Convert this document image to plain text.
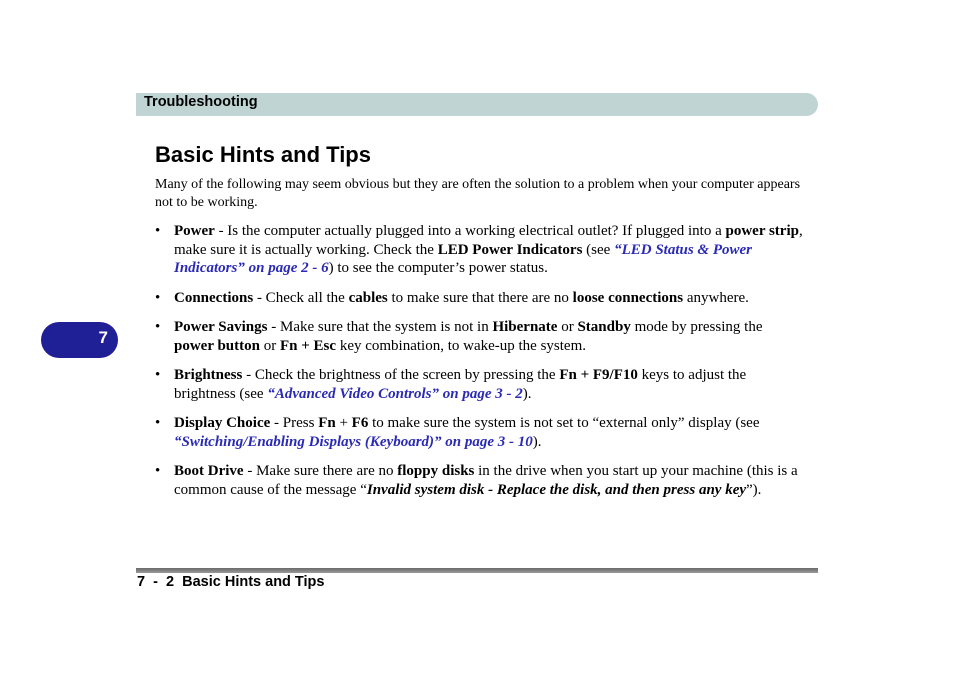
Troubleshooting
7
Basic Hints and Tips

Many of the following may seem obvious but they are often the solution to a problem when your computer appears not to be working.

• Power - Is the computer actually plugged into a working electrical outlet? If plugged into a power strip, make sure it is actually working. Check the LED Power Indicators (see “LED Status & Power Indicators” on page 2 - 6) to see the computer’s power status.
• Connections - Check all the cables to make sure that there are no loose connections anywhere.
• Power Savings - Make sure that the system is not in Hibernate or Standby mode by pressing the power button or Fn + Esc key combination, to wake-up the system.
• Brightness - Check the brightness of the screen by pressing the Fn + F9/F10 keys to adjust the brightness (see “Advanced Video Controls” on page 3 - 2).
• Display Choice - Press Fn + F6 to make sure the system is not set to “external only” display (see “Switching/Enabling Displays (Keyboard)” on page 3 - 10).
• Boot Drive - Make sure there are no floppy disks in the drive when you start up your machine (this is a common cause of the message “Invalid system disk - Replace the disk, and then press any key”).
7  -  2  Basic Hints and Tips
